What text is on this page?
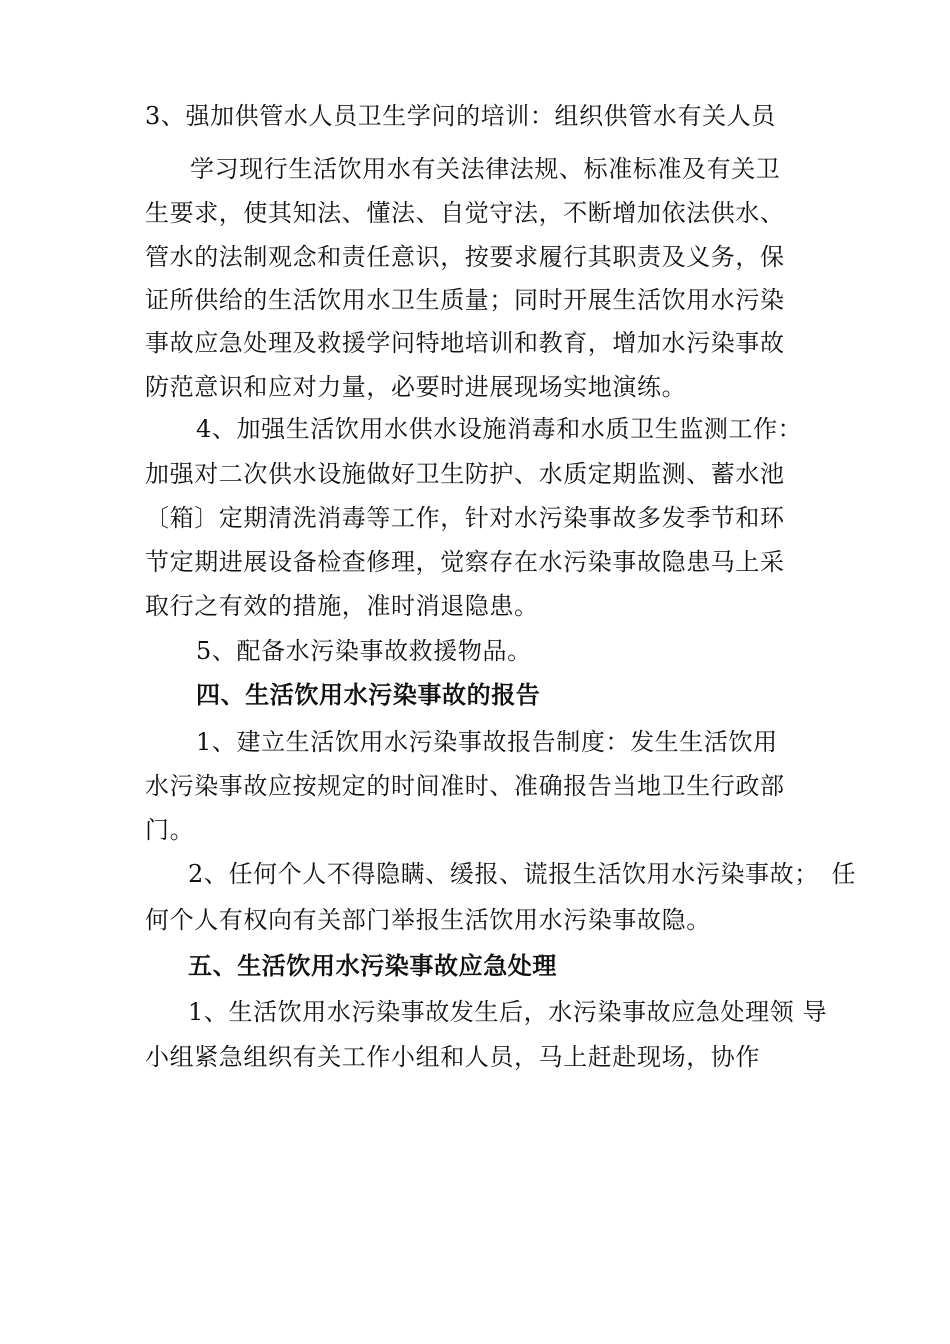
3、强加供管水人员卫生学问的培训：组织供管水有关人员
学习现行生活饮用水有关法律法规、标准标准及有关卫
生要求，使其知法、懂法、自觉守法，不断增加依法供水、
管水的法制观念和责任意识，按要求履行其职责及义务，保
证所供给的生活饮用水卫生质量；同时开展生活饮用水污染
事故应急处理及救援学问特地培训和教育，增加水污染事故
防范意识和应对力量，必要时进展现场实地演练。
4、加强生活饮用水供水设施消毒和水质卫生监测工作：
加强对二次供水设施做好卫生防护、水质定期监测、蓄水池
〔箱〕定期清洗消毒等工作，针对水污染事故多发季节和环
节定期进展设备检查修理，觉察存在水污染事故隐患马上采
取行之有效的措施，准时消退隐患。
5、配备水污染事故救援物品。
四、生活饮用水污染事故的报告
1、建立生活饮用水污染事故报告制度：发生生活饮用
水污染事故应按规定的时间准时、准确报告当地卫生行政部
门。
2、任何个人不得隐瞒、缓报、谎报生活饮用水污染事故；　任
何个人有权向有关部门举报生活饮用水污染事故隐。
五、生活饮用水污染事故应急处理
1、生活饮用水污染事故发生后，水污染事故应急处理领 导
小组紧急组织有关工作小组和人员，马上赶赴现场，协作
